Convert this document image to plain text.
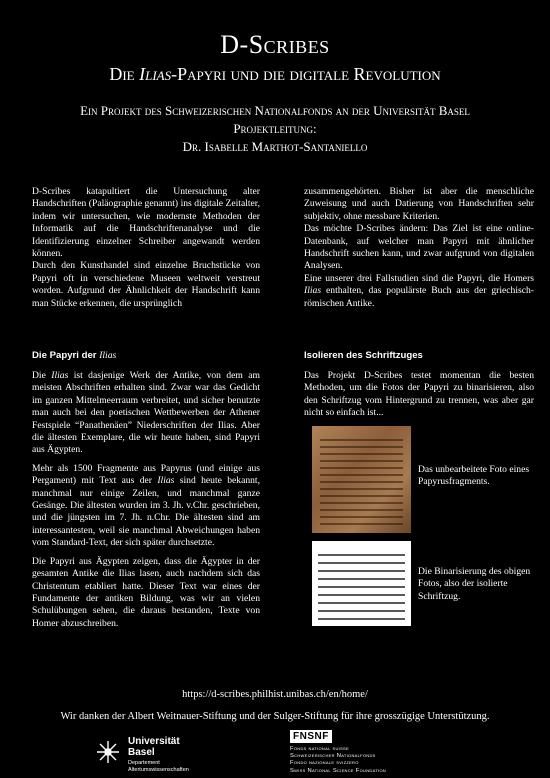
D-Scribes
Die Ilias-Papyri und die digitale Revolution
Ein Projekt des Schweizerischen Nationalfonds an der Universität Basel
Projektleitung:
Dr. Isabelle Marthot-Santaniello

D-Scribes katapultiert die Untersuchung alter Handschriften (Paläographie genannt) ins digitale Zeitalter, indem wir untersuchen, wie modernste Methoden der Informatik auf die Handschriftenanalyse und die Identifizierung einzelner Schreiber angewandt werden können.

Durch den Kunsthandel sind einzelne Bruchstücke von Papyri oft in verschiedene Museen weltweit verstreut worden. Aufgrund der Ähnlichkeit der Handschrift kann man Stücke erkennen, die ursprünglich

zusammengehörten. Bisher ist aber die menschliche Zuweisung und auch Datierung von Handschriften sehr subjektiv, ohne messbare Kriterien.

Das möchte D-Scribes ändern: Das Ziel ist eine online-Datenbank, auf welcher man Papyri mit ähnlicher Handschrift suchen kann, und zwar aufgrund von digitalen Analysen.

Eine unserer drei Fallstudien sind die Papyri, die Homers Ilias enthalten, das populärste Buch aus der griechisch-römischen Antike.

Die Papyri der Ilias

Die Ilias ist dasjenige Werk der Antike, von dem am meisten Abschriften erhalten sind. Zwar war das Gedicht im ganzen Mittelmeerraum verbreitet, und sicher benutzte man auch bei den poetischen Wettbewerben der Athener Festspiele “Panathenäen” Niederschriften der Ilias. Aber die ältesten Exemplare, die wir heute haben, sind Papyri aus Ägypten.

Mehr als 1500 Fragmente aus Papyrus (und einige aus Pergament) mit Text aus der Ilias sind heute bekannt, manchmal nur einige Zeilen, und manchmal ganze Gesänge. Die ältesten wurden im 3. Jh. v.Chr. geschrieben, und die jüngsten im 7. Jh. n.Chr. Die ältesten sind am interessantesten, weil sie manchmal Abweichungen haben vom Standard-Text, der sich später durchsetzte.

Die Papyri aus Ägypten zeigen, dass die Ägypter in der gesamten Antike die Ilias lasen, auch nachdem sich das Christentum etabliert hatte. Dieser Text war eines der Fundamente der antiken Bildung, was wir an vielen Schulübungen sehen, die daraus bestanden, Texte von Homer abzuschreiben.

Isolieren des Schriftzuges
Das Projekt D-Scribes testet momentan die besten Methoden, um die Fotos der Papyri zu binarisieren, also den Schriftzug vom Hintergrund zu trennen, was aber gar nicht so einfach ist...
Das unbearbeitete Foto eines Papyrusfragments.
Die Binarisierung des obigen Fotos, also der isolierte Schriftzug.
https://d-scribes.philhist.unibas.ch/en/home/
Wir danken der Albert Weitnauer-Stiftung und der Sulger-Stiftung für ihre grosszügige Unterstützung.
Universität
Basel
Departement
Altertumswissenschaften
FNSNF
Fonds national suisse
Schweizerischer Nationalfonds
Fondo nazionale svizzero
Swiss National Science Foundation
